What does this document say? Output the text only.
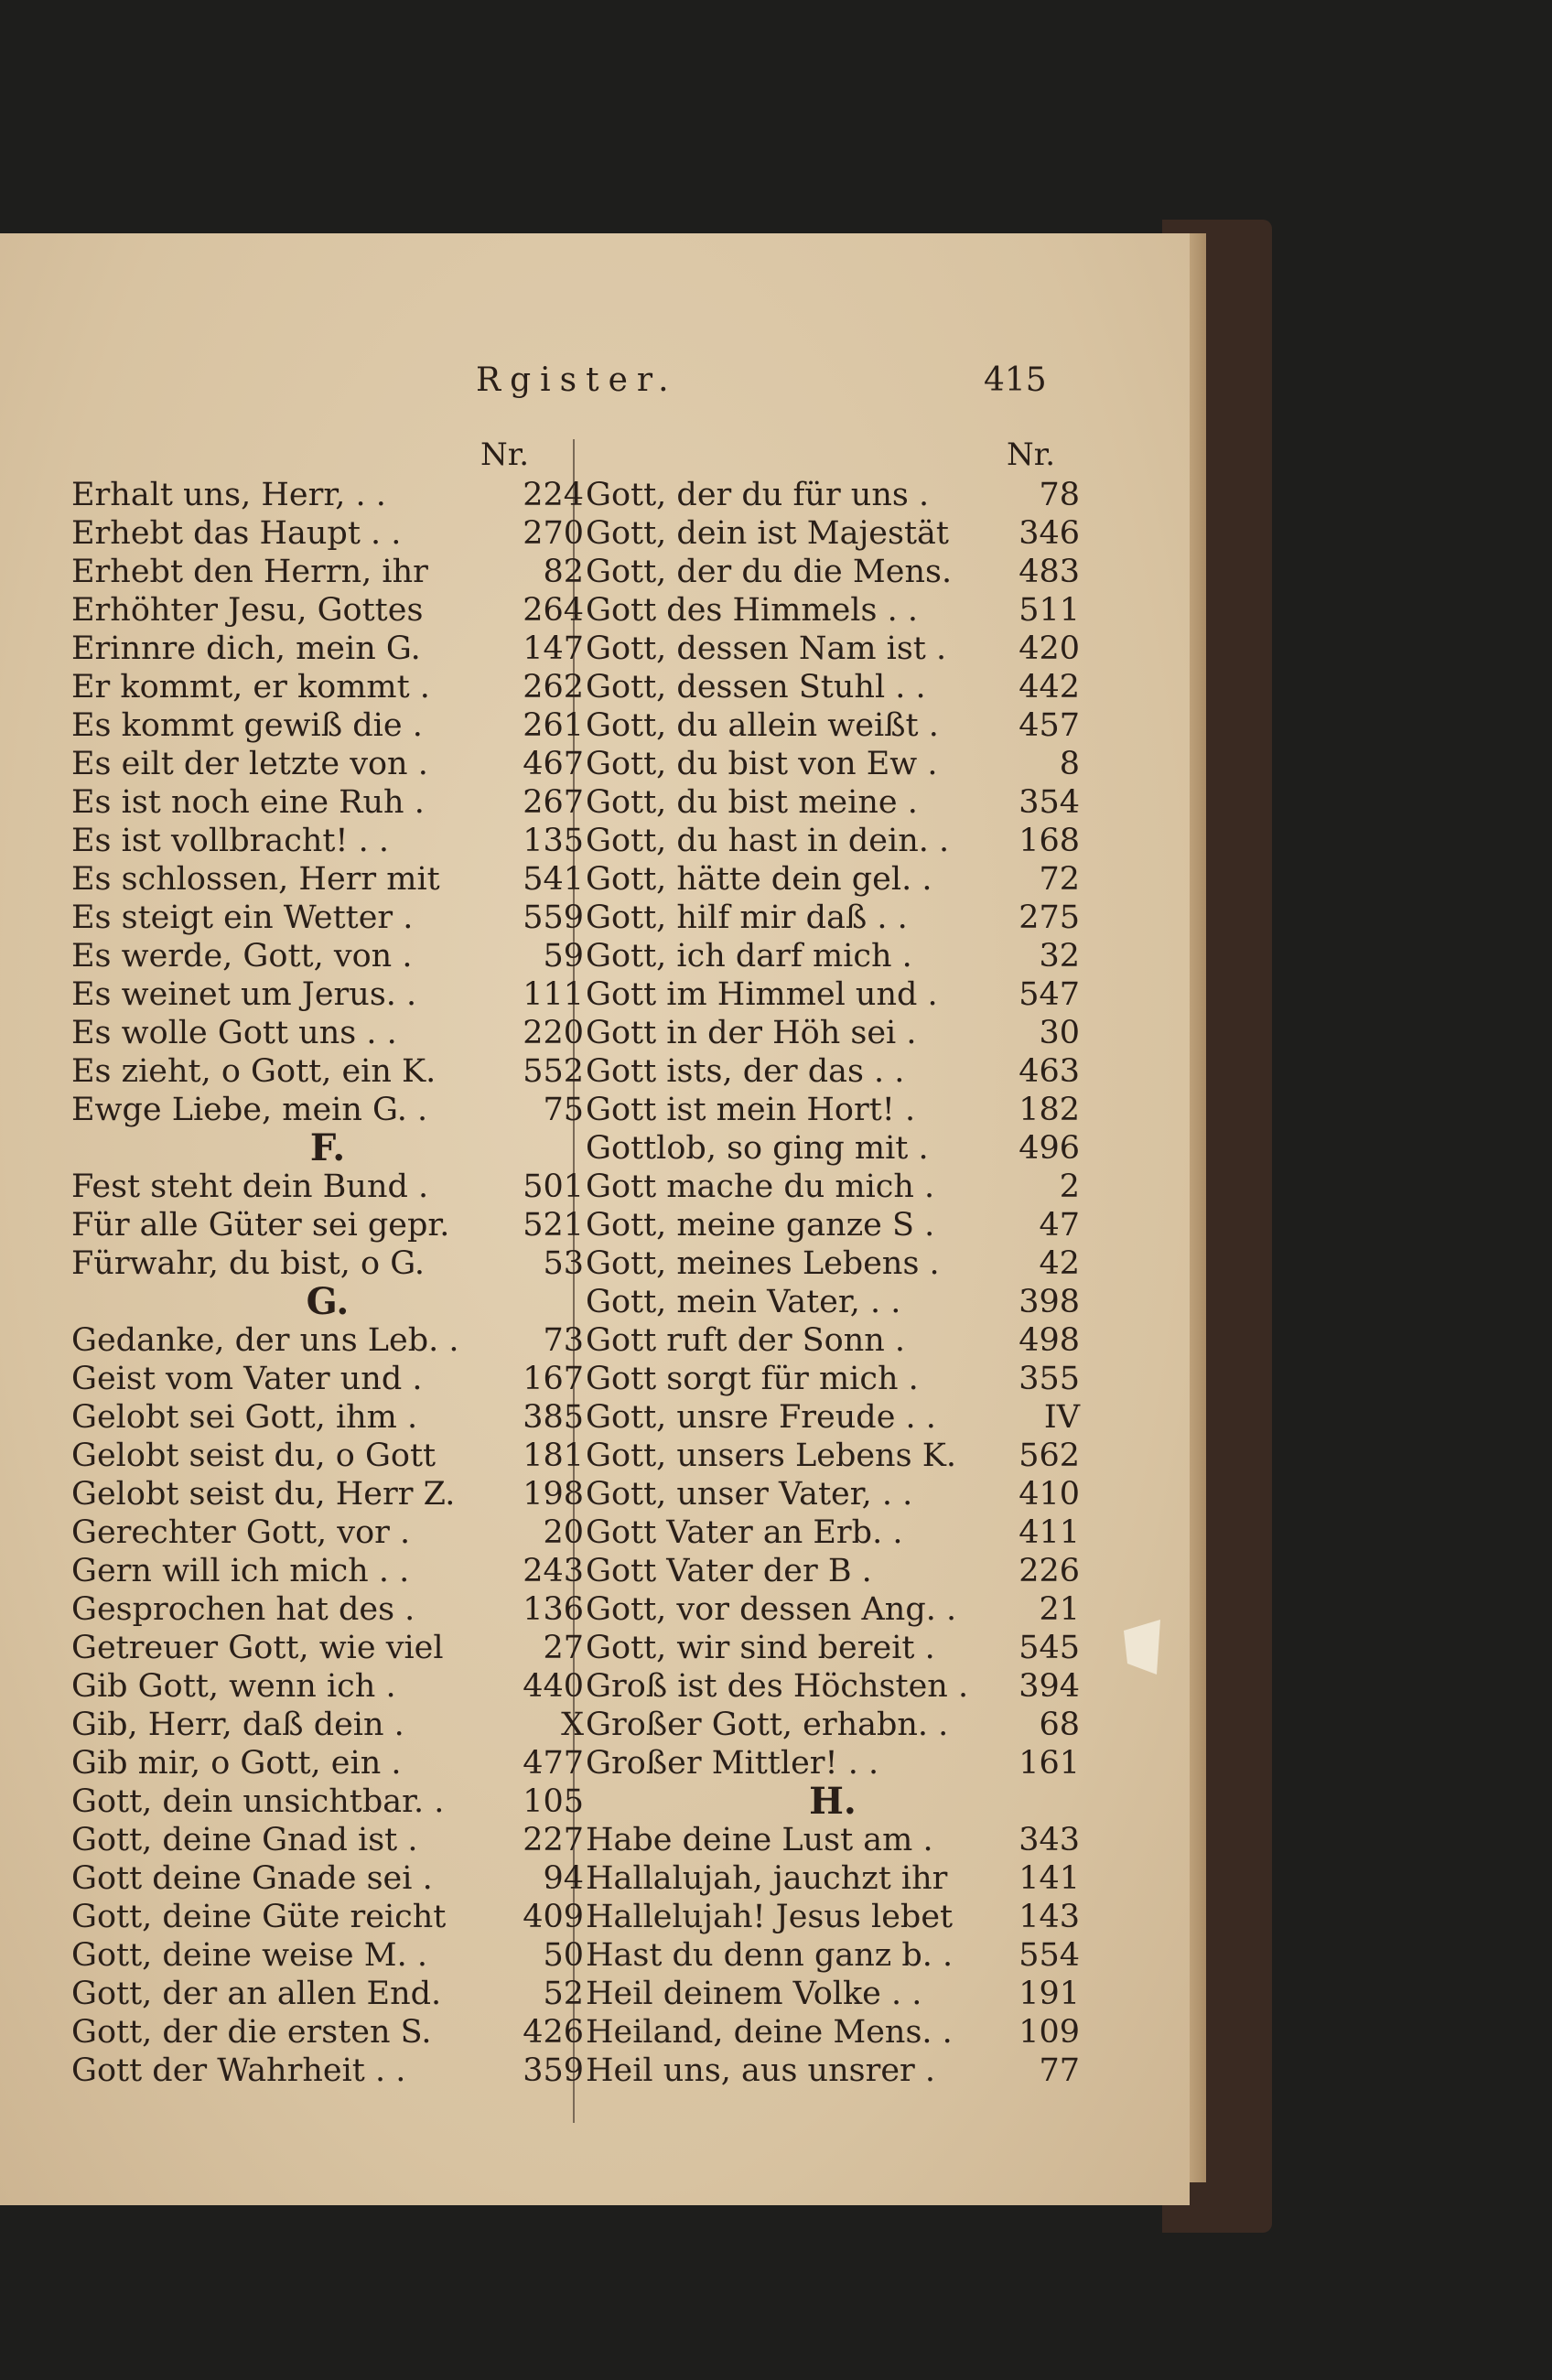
Rgister.	415
Nr.	Nr.
Erhalt uns, Herr, . .	224
Erhebt das Haupt . .	270
Erhebt den Herrn, ihr	82
Erhöhter Jesu, Gottes	264
Erinnre dich, mein G.	147
Er kommt, er kommt .	262
Es kommt gewiß die .	261
Es eilt der letzte von .	467
Es ist noch eine Ruh .	267
Es ist vollbracht! . .	135
Es schlossen, Herr mit	541
Es steigt ein Wetter .	559
Es werde, Gott, von .	59
Es weinet um Jerus. .	111
Es wolle Gott uns . .	220
Es zieht, o Gott, ein K.	552
Ewge Liebe, mein G. .	75
F.
Fest steht dein Bund .	501
Für alle Güter sei gepr. 521
Fürwahr, du bist, o G.	53
G.
Gedanke, der uns Leb. .	73
Geist vom Vater und .	167
Gelobt sei Gott, ihm .	385
Gelobt seist du, o Gott	181
Gelobt seist du, Herr Z. 198
Gerechter Gott, vor .	20
Gern will ich mich . .	243
Gesprochen hat des .	136
Getreuer Gott, wie viel	27
Gib Gott, wenn ich .	440
Gib, Herr, daß dein .	X
Gib mir, o Gott, ein .	477
Gott, dein unsichtbar. . 105
Gott, deine Gnad ist .	227
Gott deine Gnade sei .	94
Gott, deine Güte reicht 409
Gott, deine weise M. .	50
Gott, der an allen End.	52
Gott, der die ersten S.	426
Gott der Wahrheit . .	359
Gott, der du für uns .	78
Gott, dein ist Majestät 346
Gott, der du die Mens. 483
Gott des Himmels . .	511
Gott, dessen Nam ist . 420
Gott, dessen Stuhl . .	442
Gott, du allein weißt . 457
Gott, du bist von Ew .	8
Gott, du bist meine .	354
Gott, du hast in dein. . 168
Gott, hätte dein gel. .	72
Gott, hilf mir daß . .	275
Gott, ich darf mich .	32
Gott im Himmel und .	547
Gott in der Höh sei .	30
Gott ists, der das . .	463
Gott ist mein Hort! .	182
Gottlob, so ging mit .	496
Gott mache du mich .	2
Gott, meine ganze S .	47
Gott, meines Lebens .	42
Gott, mein Vater, . .	398
Gott ruft der Sonn .	498
Gott sorgt für mich .	355
Gott, unsre Freude . .	IV
Gott, unsers Lebens K. 562
Gott, unser Vater, . .	410
Gott Vater an Erb. .	411
Gott Vater der B .	226
Gott, vor dessen Ang. .	21
Gott, wir sind bereit .	545
Groß ist des Höchsten . 394
Großer Gott, erhabn. .	68
Großer Mittler! . .	161
H.
Habe deine Lust am .	343
Hallalujah, jauchzt ihr 141
Hallelujah! Jesus lebet 143
Hast du denn ganz b. . 554
Heil deinem Volke . .	191
Heiland, deine Mens. . 109
Heil uns, aus unsrer .	77
